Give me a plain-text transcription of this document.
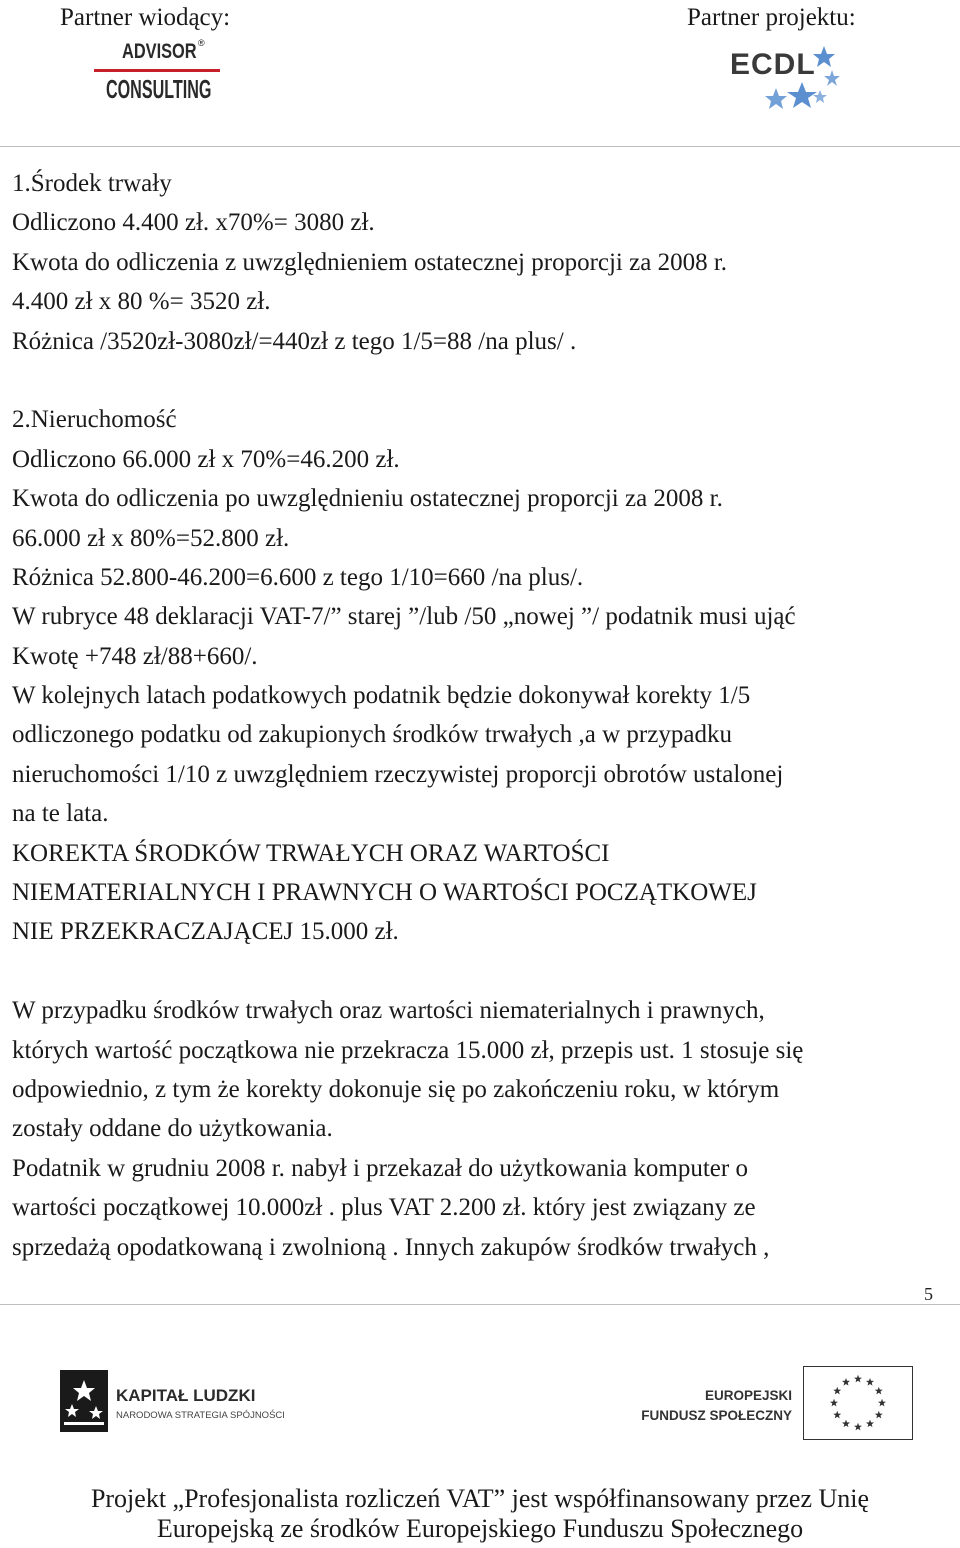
Partner wiodący:	Partner projektu:
ADVISOR ®
CONSULTING
ECDL
1.Środek trwały
Odliczono 4.400 zł. x70%= 3080 zł.
Kwota do odliczenia z uwzględnieniem ostatecznej proporcji za 2008 r.
4.400 zł x 80 %= 3520 zł.
Różnica /3520zł-3080zł/=440zł z tego 1/5=88 /na plus/ .
2.Nieruchomość
Odliczono 66.000 zł x 70%=46.200 zł.
Kwota do odliczenia po uwzględnieniu ostatecznej proporcji za 2008 r.
66.000 zł x 80%=52.800 zł.
Różnica 52.800-46.200=6.600 z tego 1/10=660 /na plus/.
W rubryce 48 deklaracji VAT-7/” starej ”/lub /50 „nowej ”/ podatnik musi ująć
Kwotę +748 zł/88+660/.
W kolejnych latach podatkowych podatnik będzie dokonywał korekty 1/5
odliczonego podatku od zakupionych środków trwałych ,a w przypadku
nieruchomości 1/10 z uwzględniem rzeczywistej proporcji obrotów ustalonej
na te lata.
KOREKTA ŚRODKÓW TRWAŁYCH ORAZ WARTOŚCI
NIEMATERIALNYCH I PRAWNYCH O WARTOŚCI POCZĄTKOWEJ
NIE PRZEKRACZAJĄCEJ 15.000 zł.
W przypadku środków trwałych oraz wartości niematerialnych i prawnych,
których wartość początkowa nie przekracza 15.000 zł, przepis ust. 1 stosuje się
odpowiednio, z tym że korekty dokonuje się po zakończeniu roku, w którym
zostały oddane do użytkowania.
Podatnik w grudniu 2008 r. nabył i przekazał do użytkowania komputer o
wartości początkowej 10.000zł . plus VAT 2.200 zł. który jest związany ze
sprzedażą opodatkowaną i zwolnioną . Innych zakupów środków trwałych ,
5
KAPITAŁ LUDZKI
NARODOWA STRATEGIA SPÓJNOŚCI
EUROPEJSKI
FUNDUSZ SPOŁECZNY
Projekt „Profesjonalista rozliczeń VAT” jest współfinansowany przez Unię
Europejską ze środków Europejskiego Funduszu Społecznego
